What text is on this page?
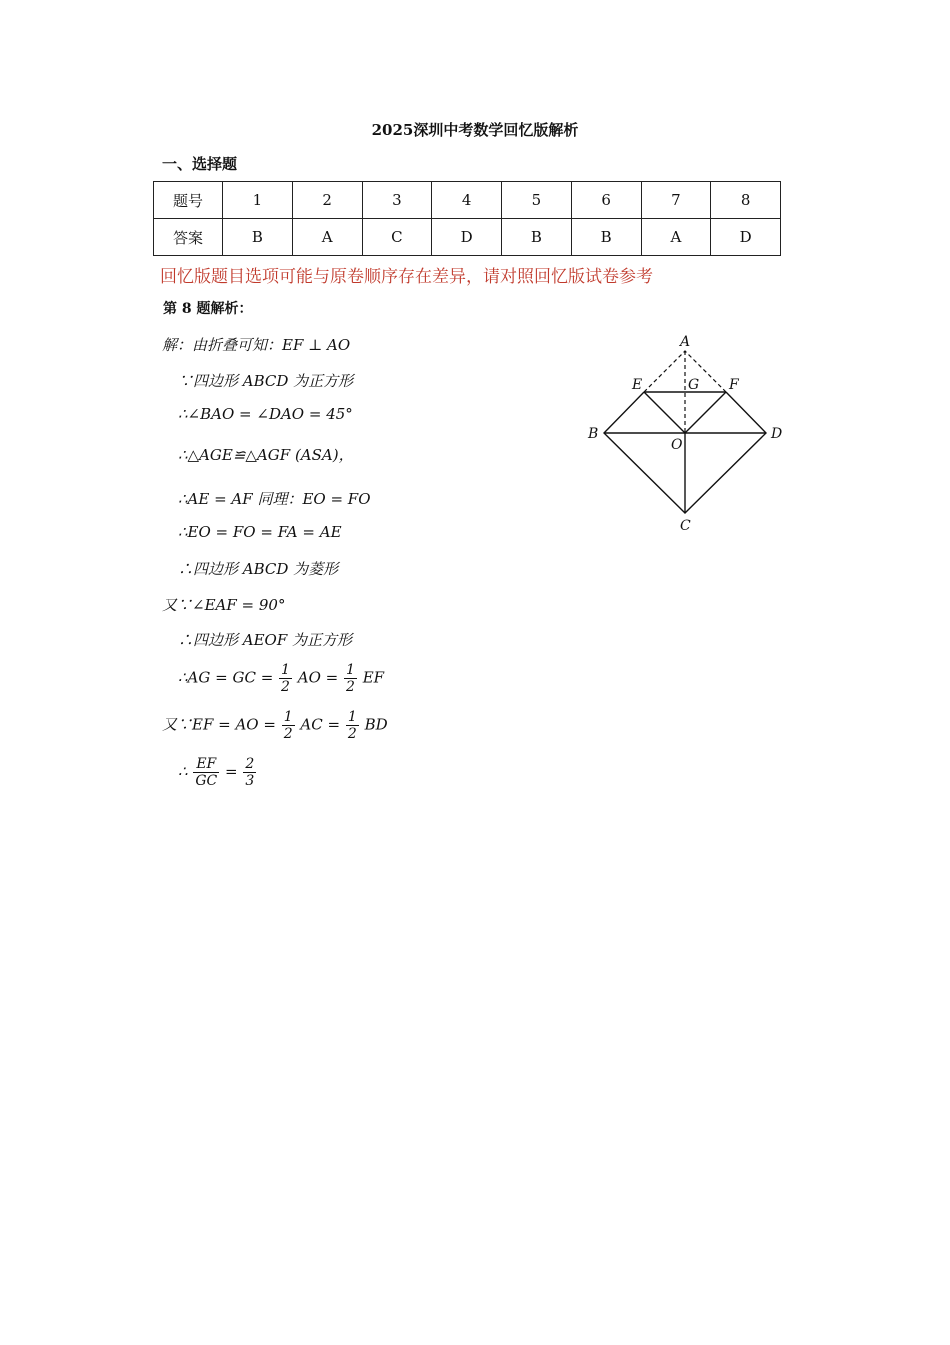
2025深圳中考数学回忆版解析
一、选择题
题号	1	2	3	4	5	6	7	8
答案	B	A	C	D	B	B	A	D
回忆版题目选项可能与原卷顺序存在差异，请对照回忆版试卷参考
第 8 题解析：
解：由折叠可知：EF ⊥ AO
∵四边形 ABCD 为正方形
∴∠BAO = ∠DAO = 45°
∴△AGE≌△AGF (ASA)，
∴AE = AF 同理：EO = FO
∴EO = FO = FA = AE
∴四边形 ABCD 为菱形
又∵∠EAF = 90°
∴四边形 AEOF 为正方形
∴AG = GC = $\frac{1}{2}$ AO = $\frac{1}{2}$ EF
又∵EF = AO = $\frac{1}{2}$ AC = $\frac{1}{2}$ BD
∴ $\frac{EF}{GC} = \frac{2}{3}$
A
E	G F
B
O
D
C
